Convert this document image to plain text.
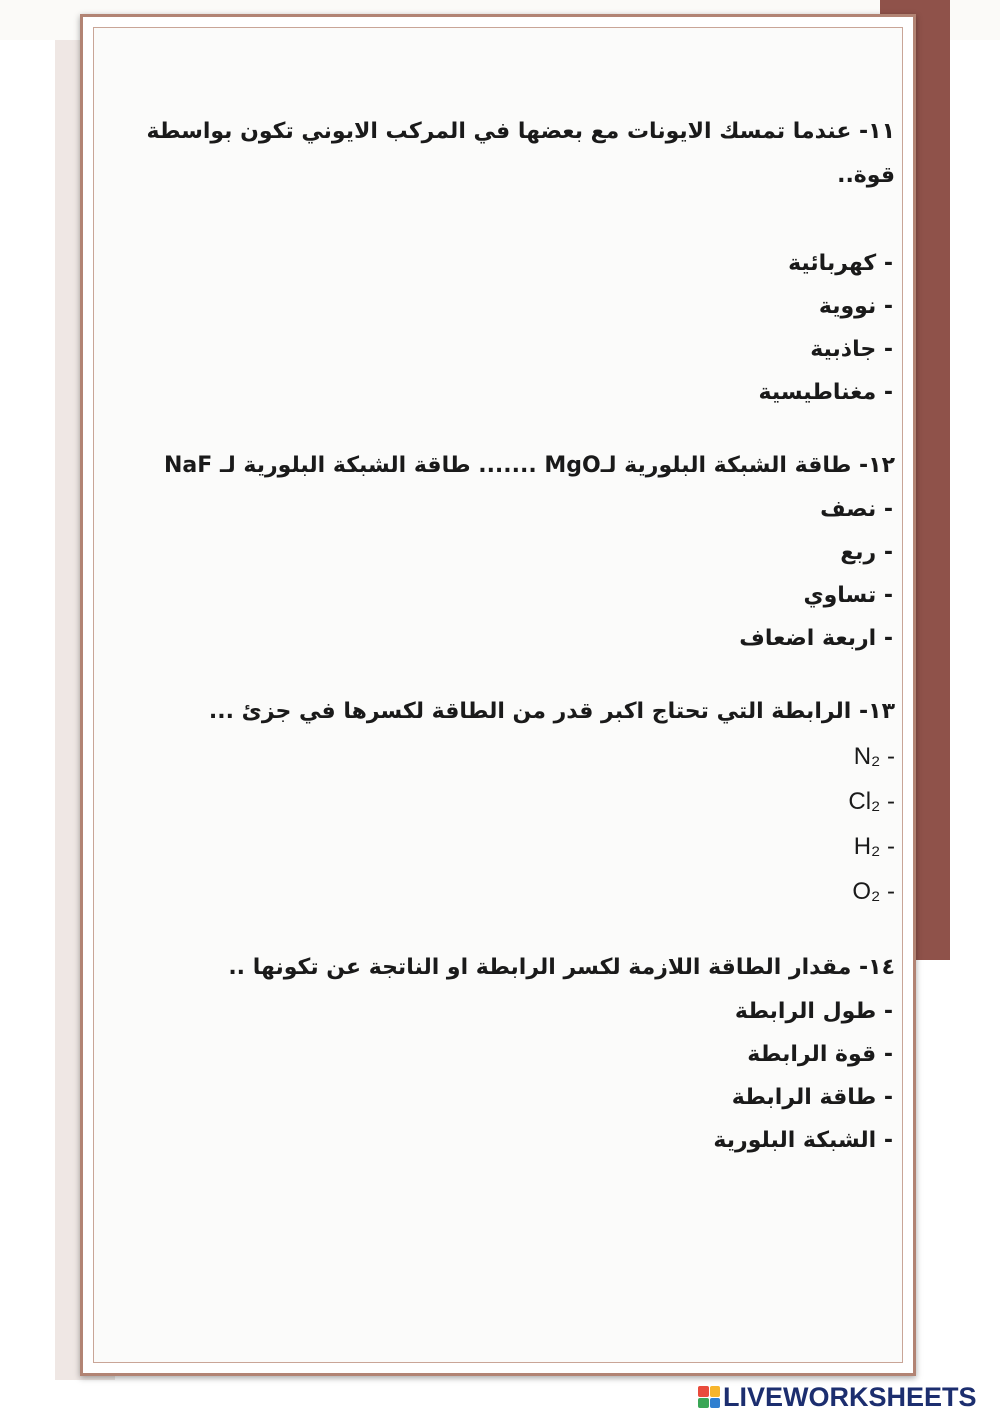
١١- عندما تمسك الايونات مع بعضها في المركب الايوني تكون بواسطة قوة..
- كهربائية
- نووية
- جاذبية
- مغناطيسية
١٢- طاقة الشبكة البلورية لـMgO ....... طاقة الشبكة البلورية لـ NaF
- نصف
- ربع
- تساوي
- اربعة اضعاف
١٣- الرابطة التي تحتاج اكبر قدر من الطاقة لكسرها في جزئ ...
N₂ -
Cl₂ -
H₂ -
O₂ -
١٤- مقدار الطاقة اللازمة لكسر الرابطة او الناتجة عن تكونها ..
- طول الرابطة
- قوة الرابطة
- طاقة الرابطة
- الشبكة البلورية
LIVEWORKSHEETS
